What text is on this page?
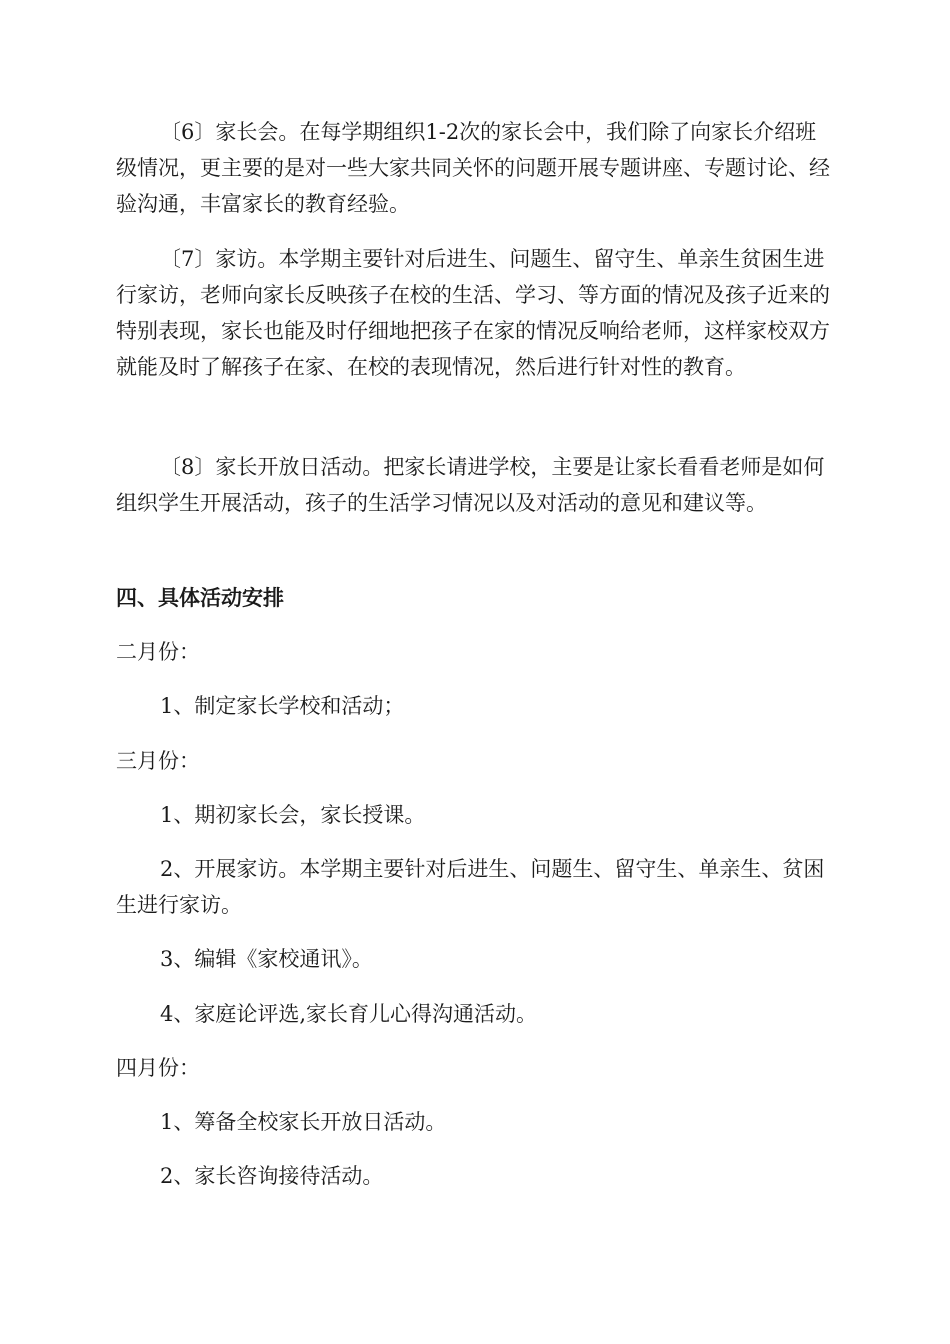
〔6〕家长会。在每学期组织1-2次的家长会中，我们除了向家长介绍班级情况，更主要的是对一些大家共同关怀的问题开展专题讲座、专题讨论、经验沟通，丰富家长的教育经验。

〔7〕家访。本学期主要针对后进生、问题生、留守生、单亲生贫困生进行家访，老师向家长反映孩子在校的生活、学习、等方面的情况及孩子近来的特别表现，家长也能及时仔细地把孩子在家的情况反响给老师，这样家校双方就能及时了解孩子在家、在校的表现情况，然后进行针对性的教育。

〔8〕家长开放日活动。把家长请进学校，主要是让家长看看老师是如何组织学生开展活动，孩子的生活学习情况以及对活动的意见和建议等。

四、具体活动安排

二月份：

1、制定家长学校和活动；

三月份：

1、期初家长会，家长授课。

2、开展家访。本学期主要针对后进生、问题生、留守生、单亲生、贫困生进行家访。

3、编辑《家校通讯》。

4、家庭论评选,家长育儿心得沟通活动。

四月份：

1、筹备全校家长开放日活动。

2、家长咨询接待活动。
